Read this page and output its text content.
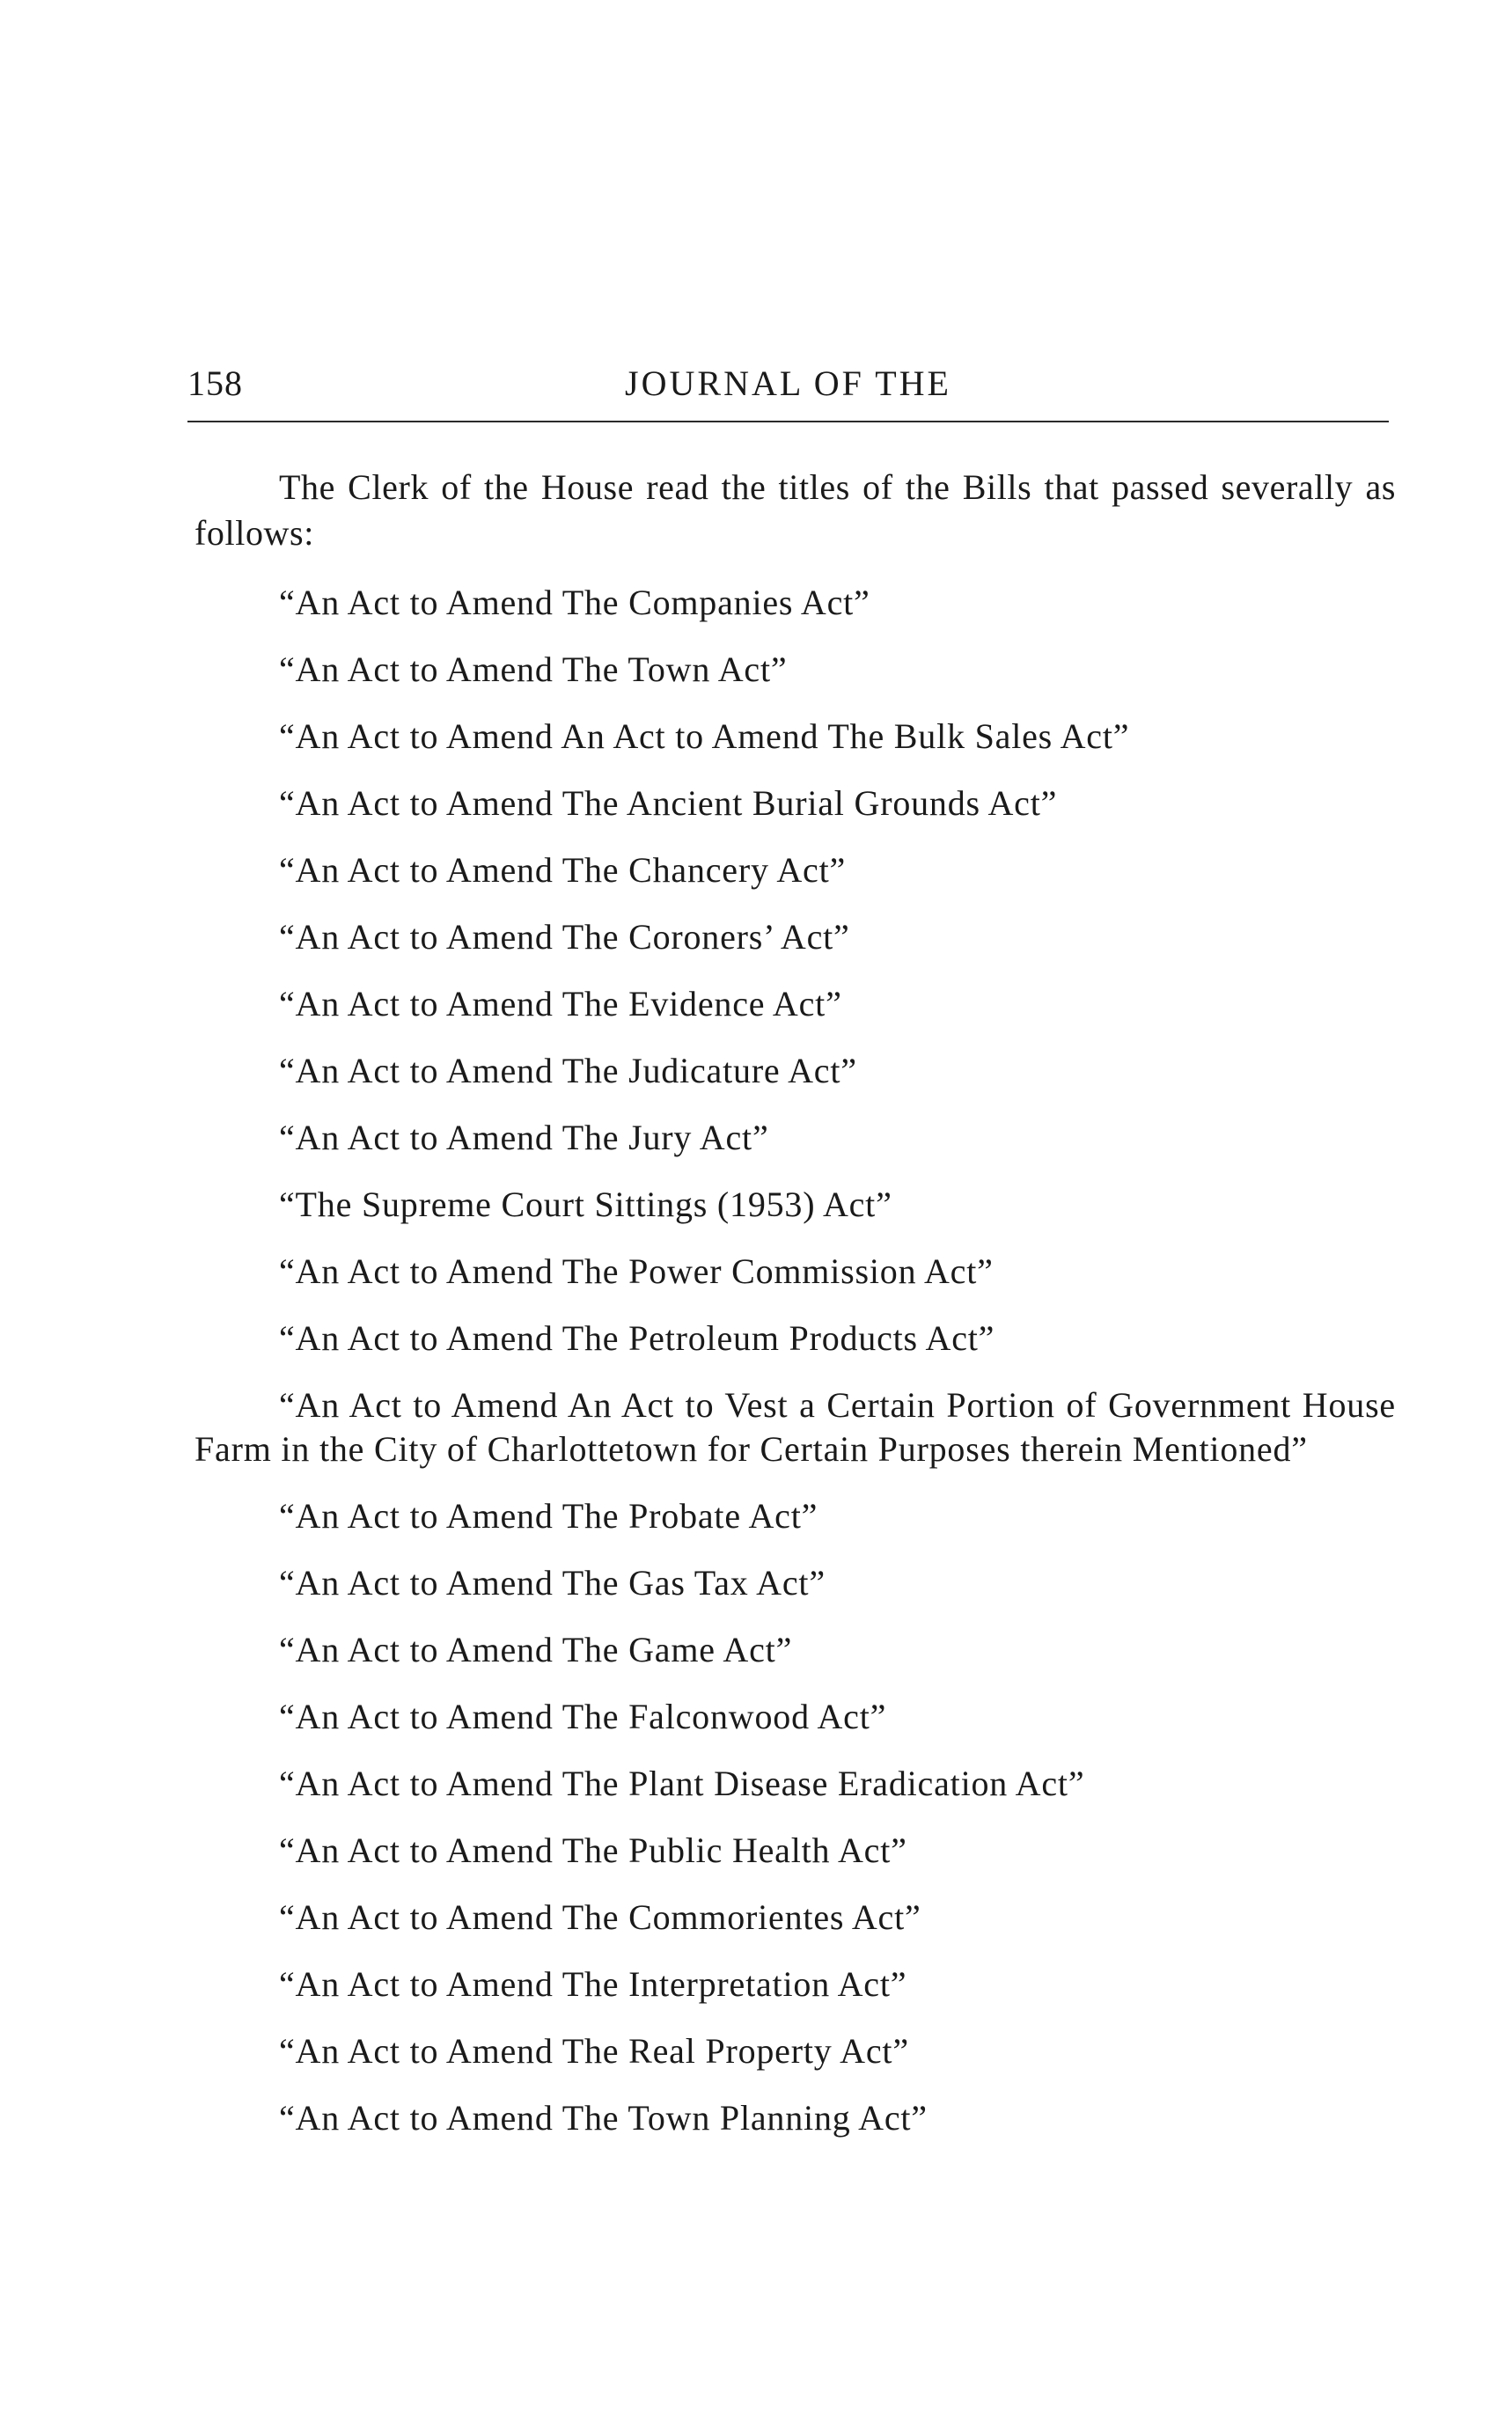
158	JOURNAL OF THE

The Clerk of the House read the titles of the Bills that passed severally as follows:

“An Act to Amend The Companies Act”
“An Act to Amend The Town Act”
“An Act to Amend An Act to Amend The Bulk Sales Act”
“An Act to Amend The Ancient Burial Grounds Act”
“An Act to Amend The Chancery Act”
“An Act to Amend The Coroners’ Act”
“An Act to Amend The Evidence Act”
“An Act to Amend The Judicature Act”
“An Act to Amend The Jury Act”
“The Supreme Court Sittings (1953) Act”
“An Act to Amend The Power Commission Act”
“An Act to Amend The Petroleum Products Act”
“An Act to Amend An Act to Vest a Certain Portion of Government House Farm in the City of Charlottetown for Certain Purposes therein Mentioned”
“An Act to Amend The Probate Act”
“An Act to Amend The Gas Tax Act”
“An Act to Amend The Game Act”
“An Act to Amend The Falconwood Act”
“An Act to Amend The Plant Disease Eradication Act”
“An Act to Amend The Public Health Act”
“An Act to Amend The Commorientes Act”
“An Act to Amend The Interpretation Act”
“An Act to Amend The Real Property Act”
“An Act to Amend The Town Planning Act”
